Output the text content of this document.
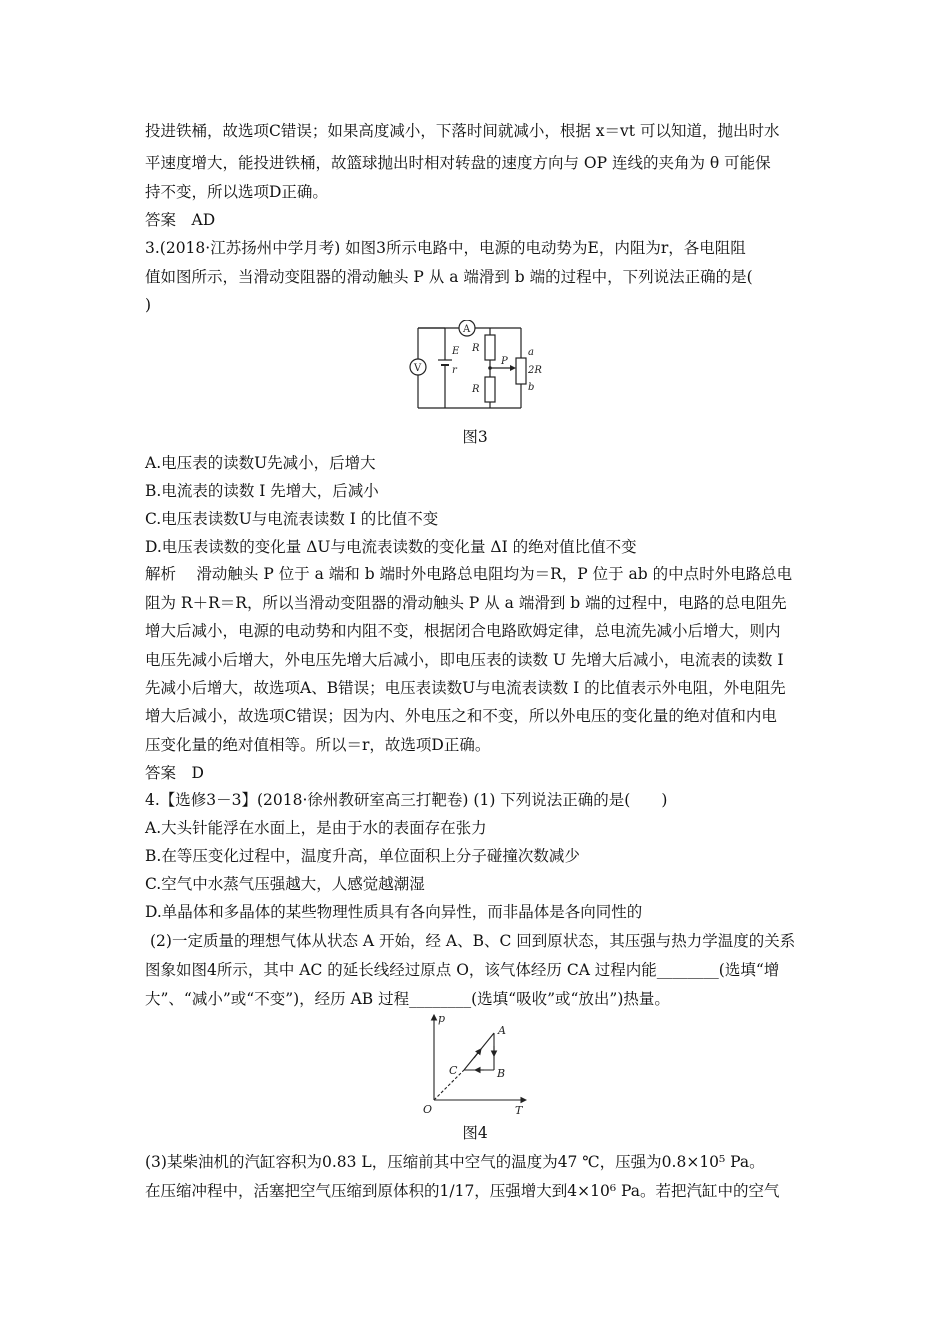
投进铁桶，故选项C错误；如果高度减小，下落时间就减小，根据 x＝vt 可以知道，抛出时水
平速度增大，能投进铁桶，故篮球抛出时相对转盘的速度方向与 OP 连线的夹角为 θ 可能保
持不变，所以选项D正确。
答案　AD
3.(2018·江苏扬州中学月考) 如图3所示电路中，电源的电动势为E，内阻为r，各电阻阻
值如图所示，当滑动变阻器的滑动触头 P 从 a 端滑到 b 端的过程中，下列说法正确的是(
)
A
V
E
r
R
R
P
a
2R
b
图3
A.电压表的读数U先减小，后增大
B.电流表的读数 I 先增大，后减小
C.电压表读数U与电流表读数 I 的比值不变
D.电压表读数的变化量 ΔU与电流表读数的变化量 ΔI 的绝对值比值不变
解析　 滑动触头 P 位于 a 端和 b 端时外电路总电阻均为＝R，P 位于 ab 的中点时外电路总电
阻为 R＋R＝R，所以当滑动变阻器的滑动触头 P 从 a 端滑到 b 端的过程中，电路的总电阻先
增大后减小，电源的电动势和内阻不变，根据闭合电路欧姆定律，总电流先减小后增大，则内
电压先减小后增大，外电压先增大后减小，即电压表的读数 U 先增大后减小，电流表的读数 I
先减小后增大，故选项A、B错误；电压表读数U与电流表读数 I 的比值表示外电阻，外电阻先
增大后减小，故选项C错误；因为内、外电压之和不变，所以外电压的变化量的绝对值和内电
压变化量的绝对值相等。所以＝r，故选项D正确。
答案　D
4.【选修3－3】(2018·徐州教研室高三打靶卷) (1) 下列说法正确的是(　　)
A.大头针能浮在水面上，是由于水的表面存在张力
B.在等压变化过程中，温度升高，单位面积上分子碰撞次数减少
C.空气中水蒸气压强越大，人感觉越潮湿
D.单晶体和多晶体的某些物理性质具有各向异性，而非晶体是各向同性的
(2)一定质量的理想气体从状态 A 开始，经 A、B、C 回到原状态，其压强与热力学温度的关系
图象如图4所示，其中 AC 的延长线经过原点 O，该气体经历 CA 过程内能________(选填“增
大”、“减小”或“不变”)，经历 AB 过程________(选填“吸收”或“放出”)热量。
p
T
O
A
B
C
图4
(3)某柴油机的汽缸容积为0.83 L，压缩前其中空气的温度为47 ℃，压强为0.8×10⁵ Pa。
在压缩冲程中，活塞把空气压缩到原体积的1/17，压强增大到4×10⁶ Pa。若把汽缸中的空气
